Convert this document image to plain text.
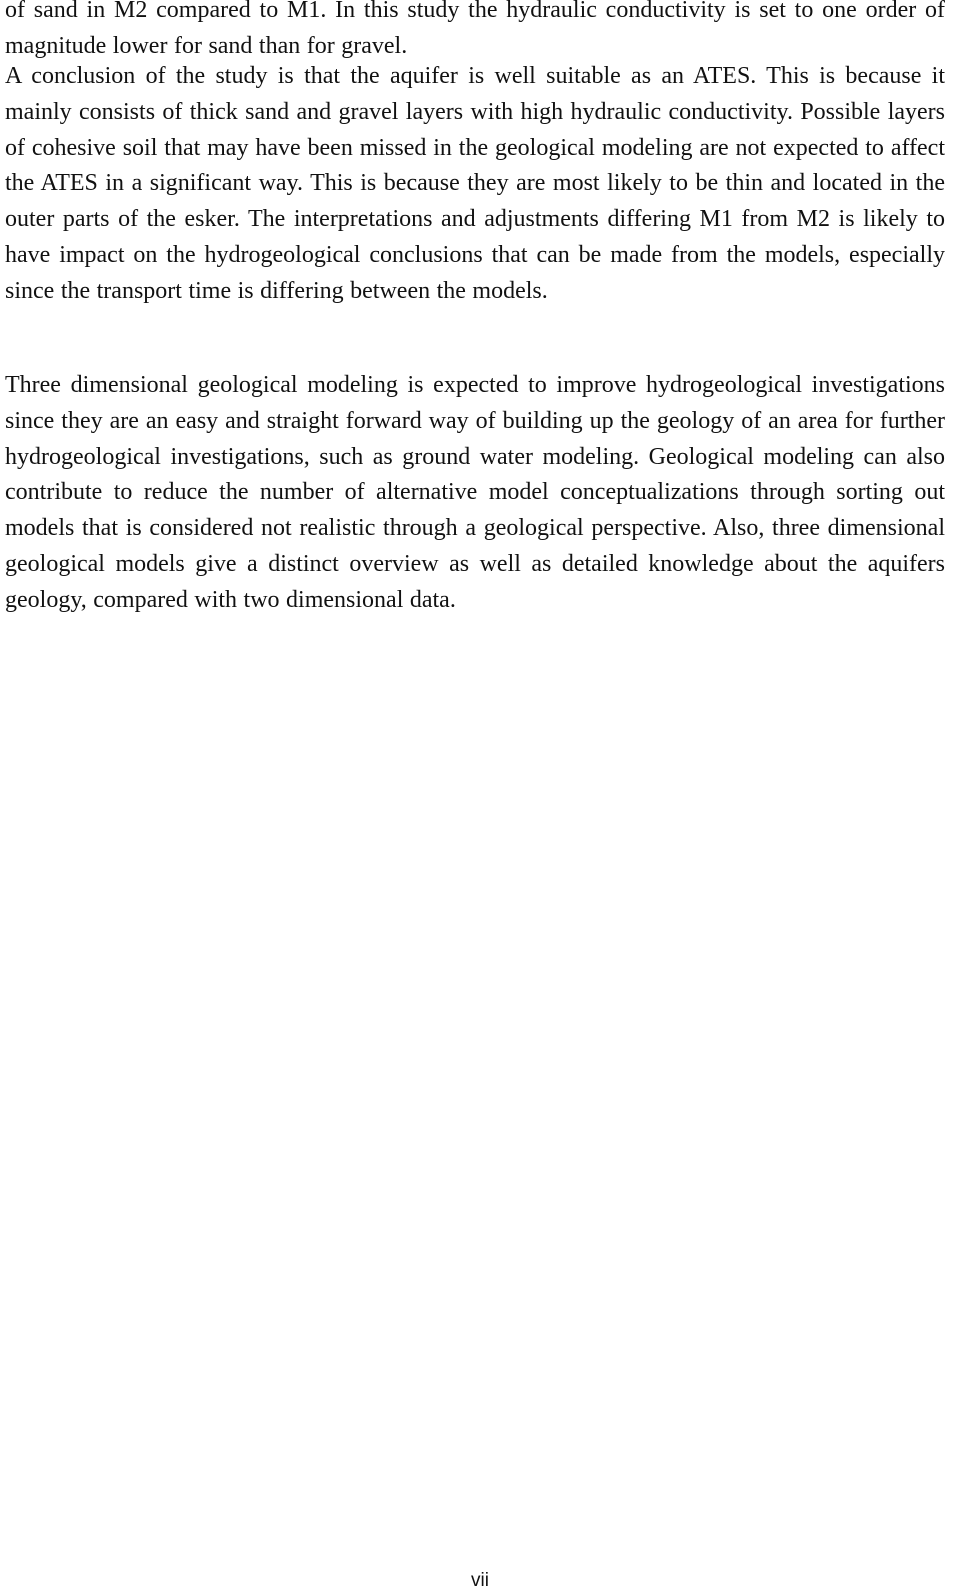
of sand in M2 compared to M1. In this study the hydraulic conductivity is set to one order of magnitude lower for sand than for gravel.

A conclusion of the study is that the aquifer is well suitable as an ATES. This is because it mainly consists of thick sand and gravel layers with high hydraulic conductivity. Possible layers of cohesive soil that may have been missed in the geological modeling are not expected to affect the ATES in a significant way. This is because they are most likely to be thin and located in the outer parts of the esker. The interpretations and adjustments differing M1 from M2 is likely to have impact on the hydrogeological conclusions that can be made from the models, especially since the transport time is differing between the models.

Three dimensional geological modeling is expected to improve hydrogeological investigations since they are an easy and straight forward way of building up the geology of an area for further hydrogeological investigations, such as ground water modeling. Geological modeling can also contribute to reduce the number of alternative model conceptualizations through sorting out models that is considered not realistic through a geological perspective. Also, three dimensional geological models give a distinct overview as well as detailed knowledge about the aquifers geology, compared with two dimensional data.

vii
